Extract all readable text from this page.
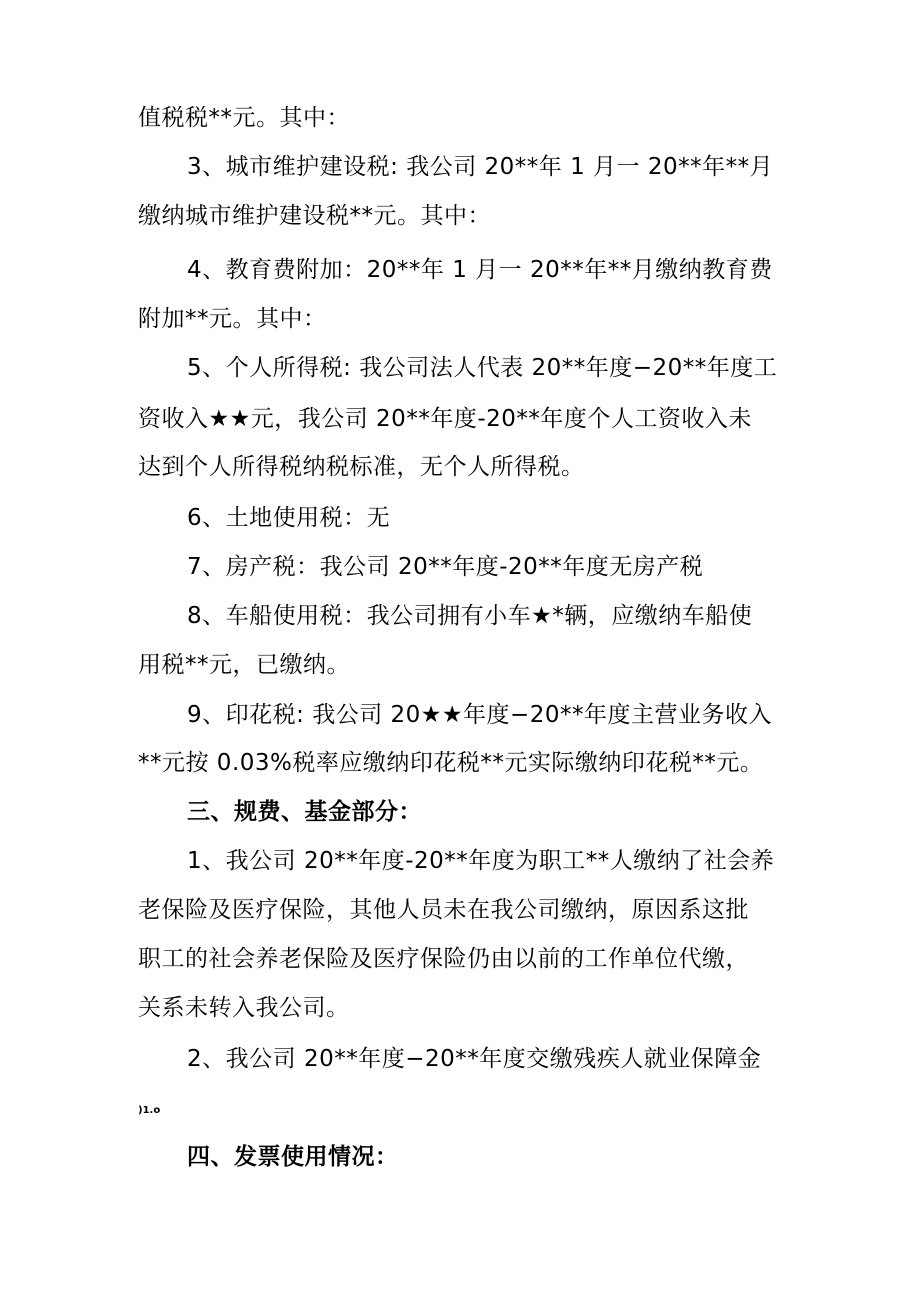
值税税**元。其中：
3、城市维护建设税: 我公司 20**年 1 月一 20**年**月
缴纳城市维护建设税**元。其中：
4、教育费附加：20**年 1 月一 20**年**月缴纳教育费
附加**元。其中：
5、个人所得税: 我公司法人代表 20**年度−20**年度工
资收入★★元，我公司 20**年度-20**年度个人工资收入未
达到个人所得税纳税标准，无个人所得税。
6、土地使用税：无
7、房产税：我公司 20**年度-20**年度无房产税
8、车船使用税：我公司拥有小车★*辆，应缴纳车船使
用税**元，已缴纳。
9、印花税: 我公司 20★★年度−20**年度主营业务收入
**元按 0.03%税率应缴纳印花税**元实际缴纳印花税**元。
三、规费、基金部分：
1、我公司 20**年度-20**年度为职工**人缴纳了社会养
老保险及医疗保险，其他人员未在我公司缴纳，原因系这批
职工的社会养老保险及医疗保险仍由以前的工作单位代缴，
关系未转入我公司。
2、我公司 20**年度−20**年度交缴残疾人就业保障金
)1.o
四、发票使用情况：
